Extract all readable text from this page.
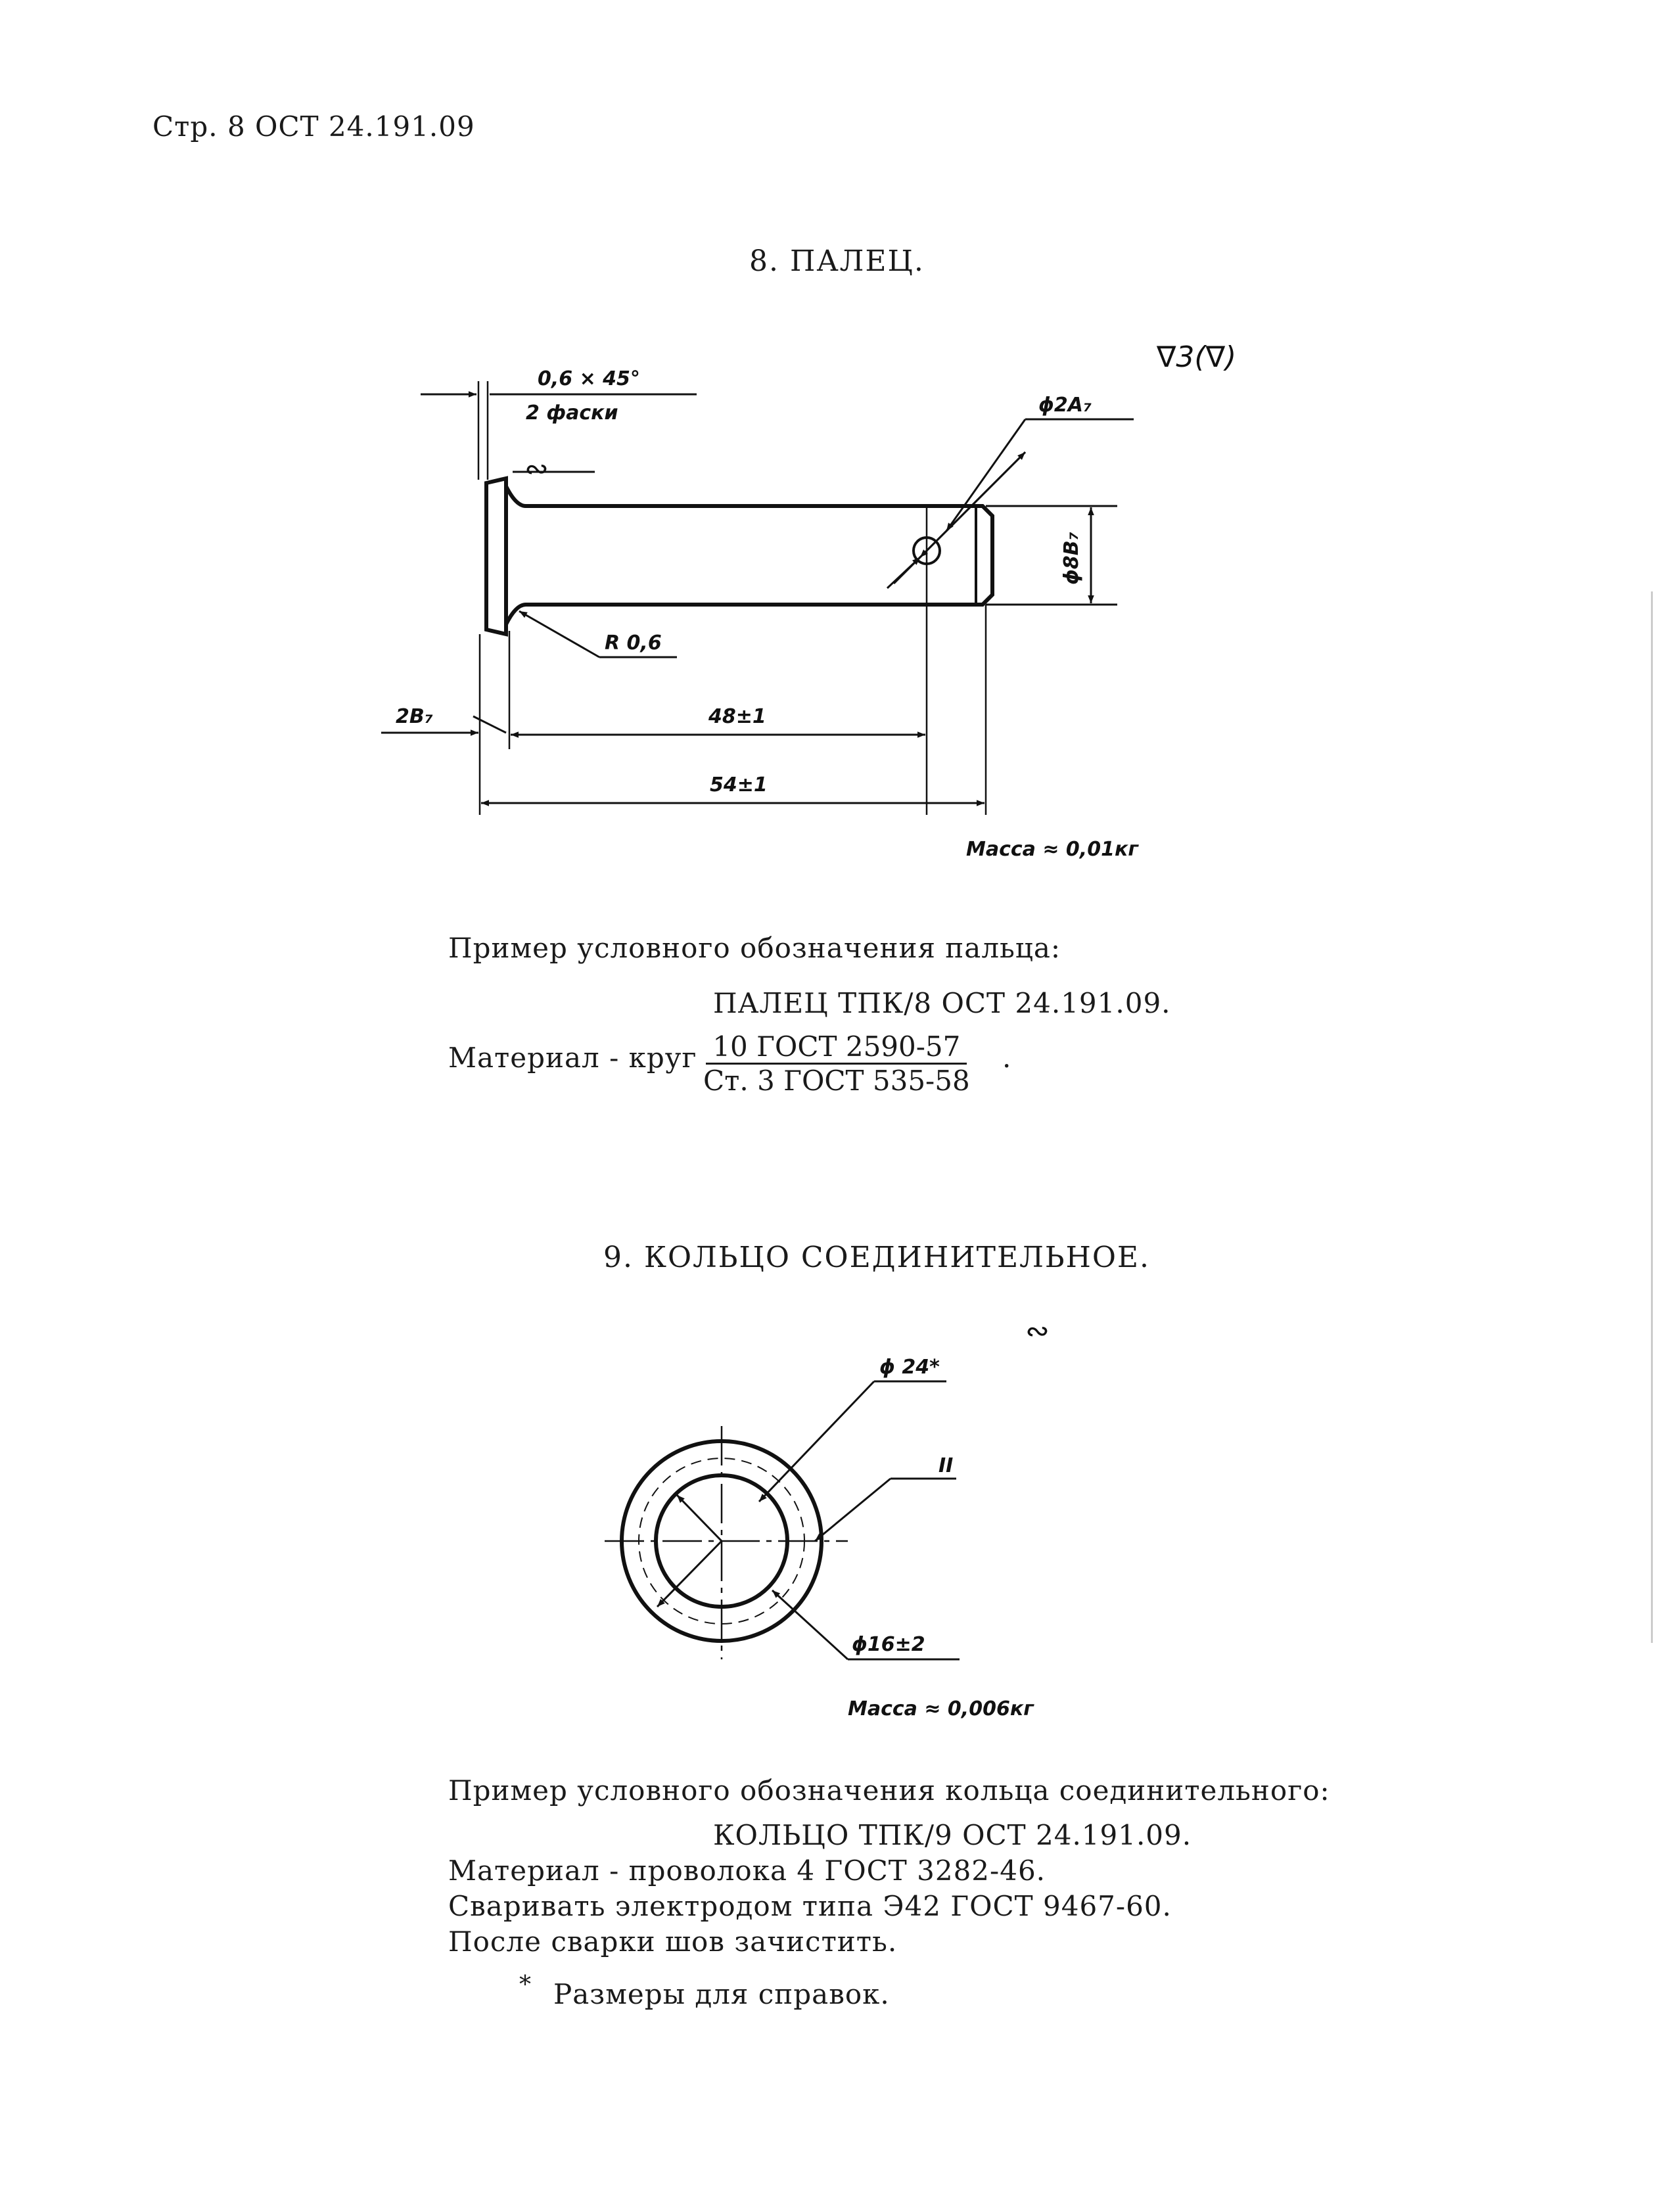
Стр. 8 ОСТ 24.191.09
8. ПАЛЕЦ.
∇3(∇)
ϕ8B₇
ϕ2A₇
0,6 × 45°
2 фаски
∾
R 0,6
2B₇	48±1
54±1
Масса ≈ 0,01кг
∾
ϕ 24*
ϕ16±2
II
Масса ≈ 0,006кг
Пример условного обозначения пальца:
ПАЛЕЦ ТПК/8 ОСТ 24.191.09.
Материал - круг 10 ГОСТ 2590-57

Ст. 3 ГОСТ 535-58
.
9. КОЛЬЦО СОЕДИНИТЕЛЬНОЕ.
Пример условного обозначения кольца соединительного:
КОЛЬЦО ТПК/9 ОСТ 24.191.09.
Материал - проволока 4 ГОСТ 3282-46.
Сваривать электродом типа Э42 ГОСТ 9467-60.
После сварки шов зачистить.
* Размеры для справок.
